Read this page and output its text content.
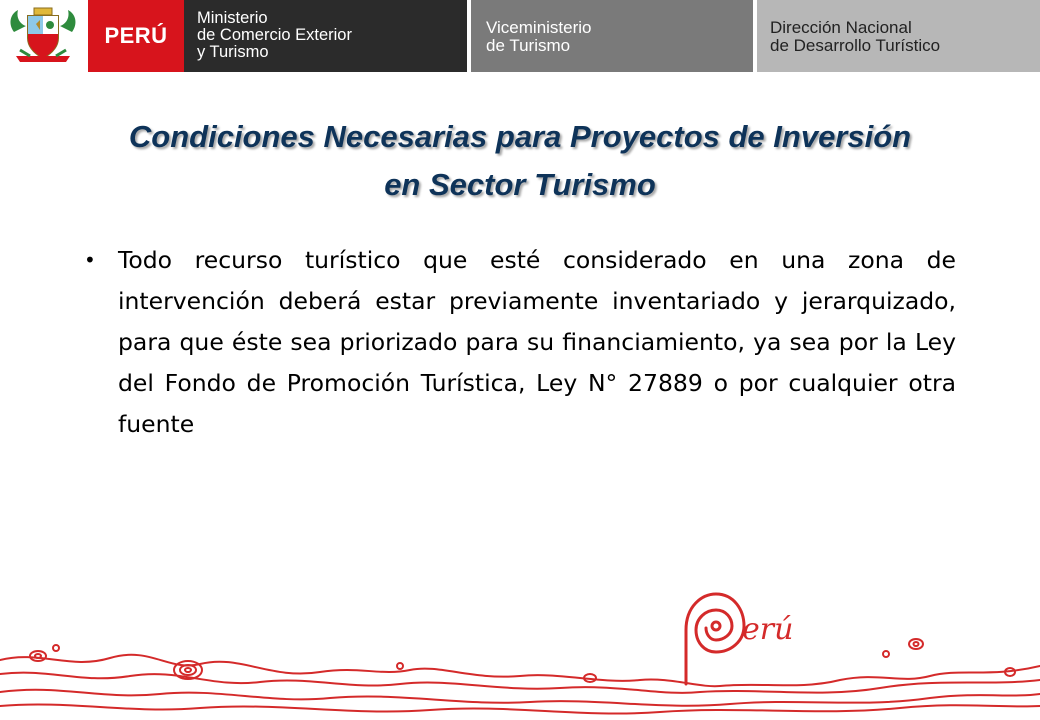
PERÚ
Ministerio
de Comercio Exterior
y Turismo
Viceministerio
de Turismo
Dirección Nacional
de Desarrollo Turístico
Condiciones Necesarias para Proyectos de Inversión
en Sector Turismo
• Todo recurso turístico que esté considerado en una zona de intervención deberá estar previamente inventariado y jerarquizado, para que éste sea priorizado para su financiamiento, ya sea por la Ley del Fondo de Promoción Turística, Ley N° 27889 o por cualquier otra fuente
erú
